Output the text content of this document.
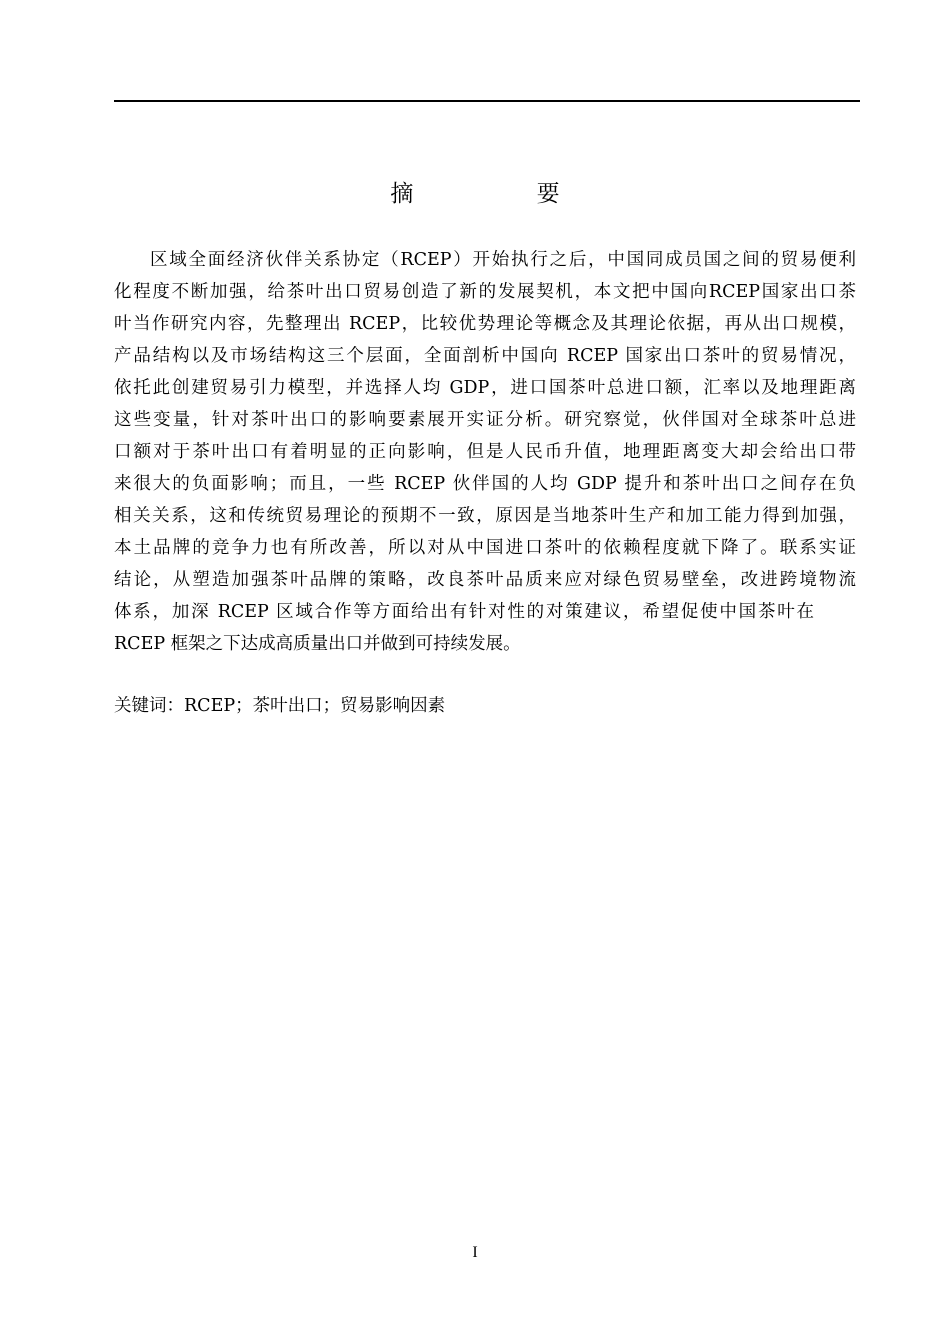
摘 要
区域全面经济伙伴关系协定（RCEP）开始执行之后，中国同成员国之间的贸易便利
化程度不断加强，给茶叶出口贸易创造了新的发展契机，本文把中国向RCEP国家出口茶
叶当作研究内容，先整理出 RCEP，比较优势理论等概念及其理论依据，再从出口规模，
产品结构以及市场结构这三个层面，全面剖析中国向 RCEP 国家出口茶叶的贸易情况，
依托此创建贸易引力模型，并选择人均 GDP，进口国茶叶总进口额，汇率以及地理距离
这些变量，针对茶叶出口的影响要素展开实证分析。研究察觉，伙伴国对全球茶叶总进
口额对于茶叶出口有着明显的正向影响，但是人民币升值，地理距离变大却会给出口带
来很大的负面影响；而且，一些 RCEP 伙伴国的人均 GDP 提升和茶叶出口之间存在负
相关关系，这和传统贸易理论的预期不一致，原因是当地茶叶生产和加工能力得到加强，
本土品牌的竞争力也有所改善，所以对从中国进口茶叶的依赖程度就下降了。联系实证
结论，从塑造加强茶叶品牌的策略，改良茶叶品质来应对绿色贸易壁垒，改进跨境物流
体系，加深 RCEP 区域合作等方面给出有针对性的对策建议，希望促使中国茶叶在
RCEP 框架之下达成高质量出口并做到可持续发展。
关键词：RCEP；茶叶出口；贸易影响因素
I
